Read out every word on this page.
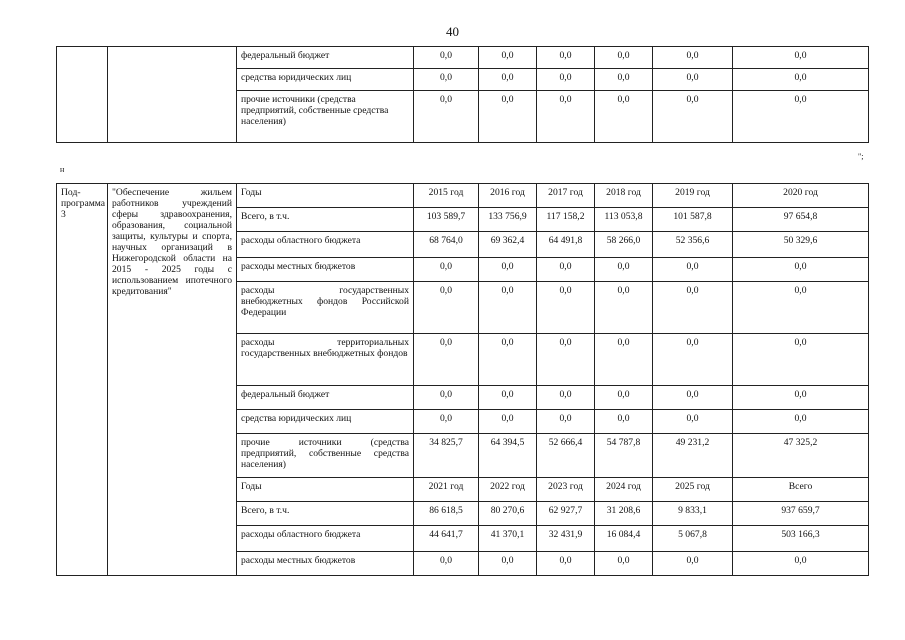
40
		федеральный бюджет	0,0	0,0	0,0	0,0	0,0	0,0
		средства юридических лиц	0,0	0,0	0,0	0,0	0,0	0,0
		прочие источники (средства предприятий, собственные средства населения)	0,0	0,0	0,0	0,0	0,0	0,0
н
";
Под-программа 3	"Обеспечение жильем работников учреждений сферы здравоохранения, образования, социальной защиты, культуры и спорта, научных организаций в Нижегородской области на 2015 - 2025 годы с использованием ипотечного кредитования"	Годы	2015 год	2016 год	2017 год	2018 год	2019 год	2020 год
		Всего, в т.ч.	103 589,7	133 756,9	117 158,2	113 053,8	101 587,8	97 654,8
		расходы областного бюджета	68 764,0	69 362,4	64 491,8	58 266,0	52 356,6	50 329,6
		расходы местных бюджетов	0,0	0,0	0,0	0,0	0,0	0,0
		расходы государственных внебюджетных фондов Российской Федерации	0,0	0,0	0,0	0,0	0,0	0,0
		расходы территориальных государственных внебюджетных фондов	0,0	0,0	0,0	0,0	0,0	0,0
		федеральный бюджет	0,0	0,0	0,0	0,0	0,0	0,0
		средства юридических лиц	0,0	0,0	0,0	0,0	0,0	0,0
		прочие источники (средства предприятий, собственные средства населения)	34 825,7	64 394,5	52 666,4	54 787,8	49 231,2	47 325,2
		Годы	2021 год	2022 год	2023 год	2024 год	2025 год	Всего
		Всего, в т.ч.	86 618,5	80 270,6	62 927,7	31 208,6	9 833,1	937 659,7
		расходы областного бюджета	44 641,7	41 370,1	32 431,9	16 084,4	5 067,8	503 166,3
		расходы местных бюджетов	0,0	0,0	0,0	0,0	0,0	0,0
